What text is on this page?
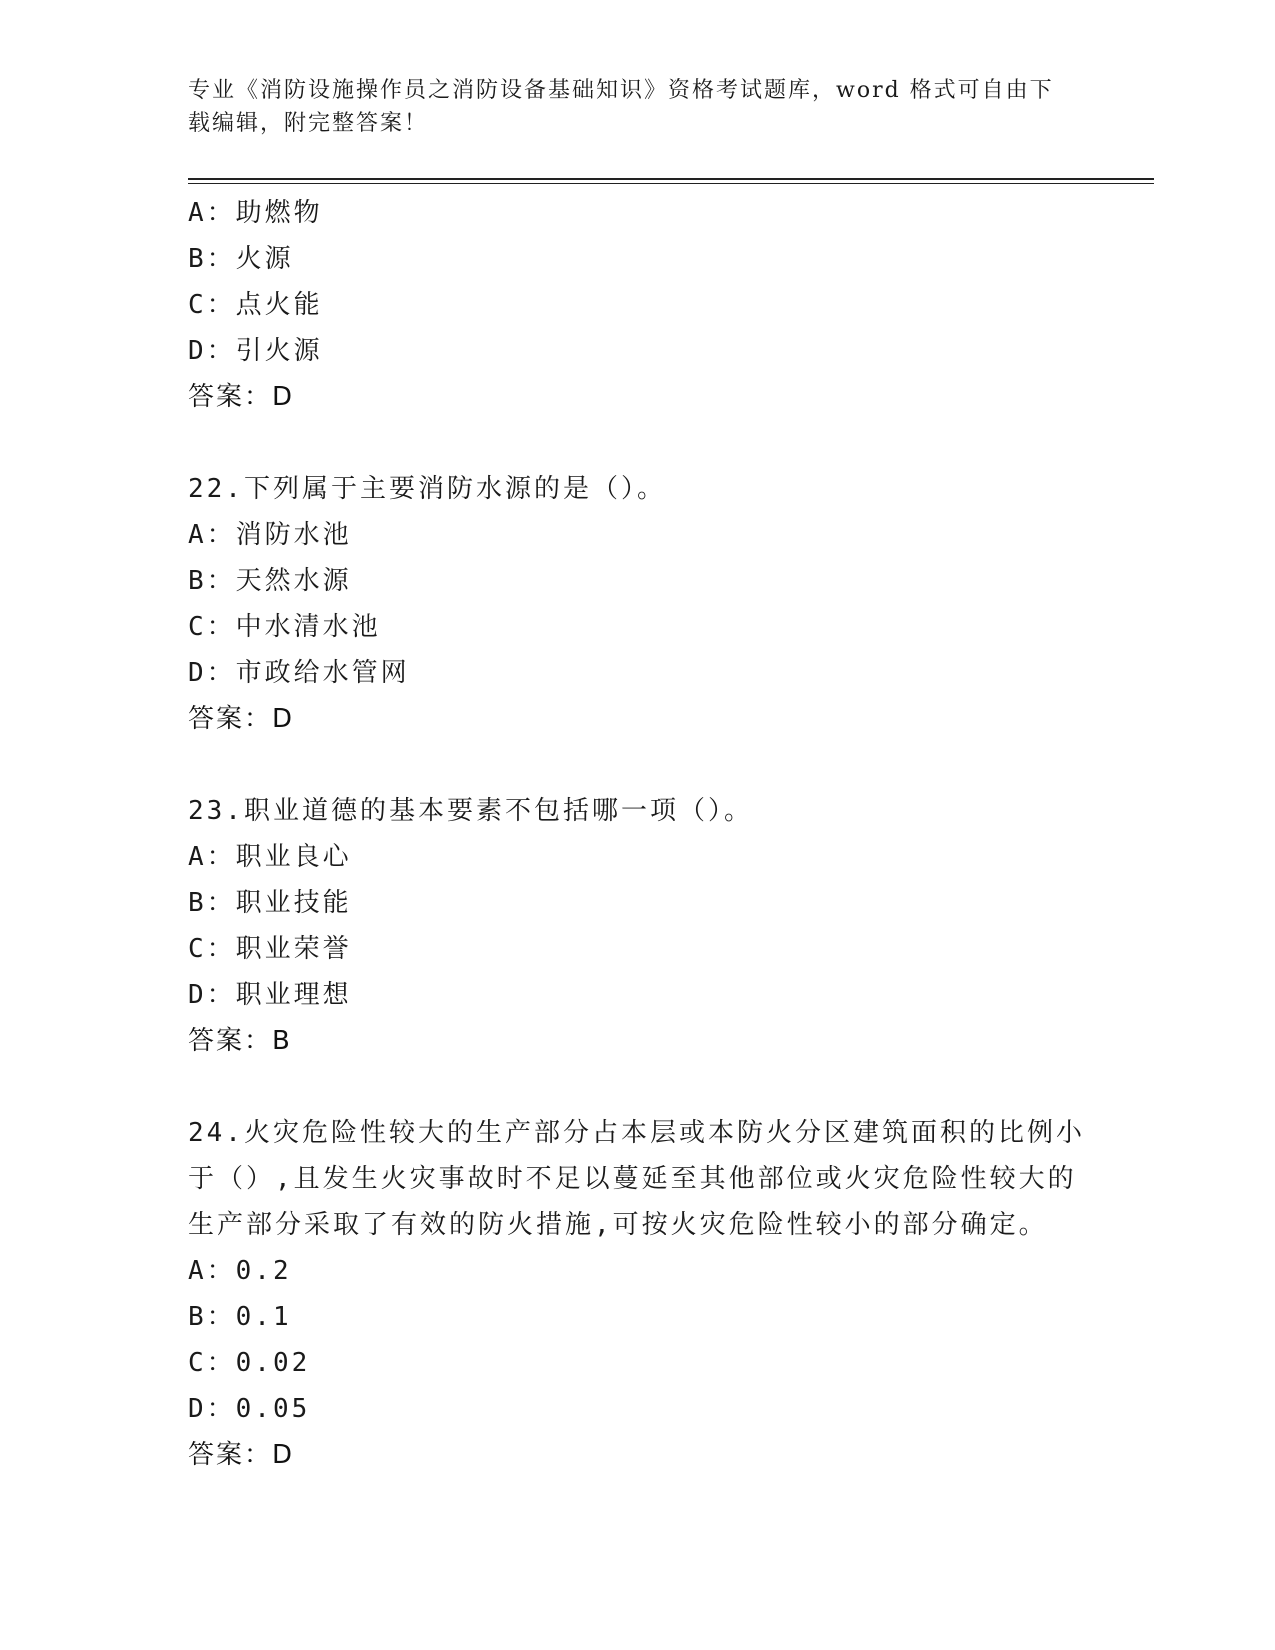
专业《消防设施操作员之消防设备基础知识》资格考试题库，word 格式可自由下
载编辑，附完整答案！
A：助燃物
B：火源
C：点火能
D：引火源
答案：D
22.下列属于主要消防水源的是（）。
A：消防水池
B：天然水源
C：中水清水池
D：市政给水管网
答案：D
23.职业道德的基本要素不包括哪一项（）。
A：职业良心
B：职业技能
C：职业荣誉
D：职业理想
答案：B
24.火灾危险性较大的生产部分占本层或本防火分区建筑面积的比例小
于（）,且发生火灾事故时不足以蔓延至其他部位或火灾危险性较大的
生产部分采取了有效的防火措施,可按火灾危险性较小的部分确定。
A：0.2
B：0.1
C：0.02
D：0.05
答案：D
